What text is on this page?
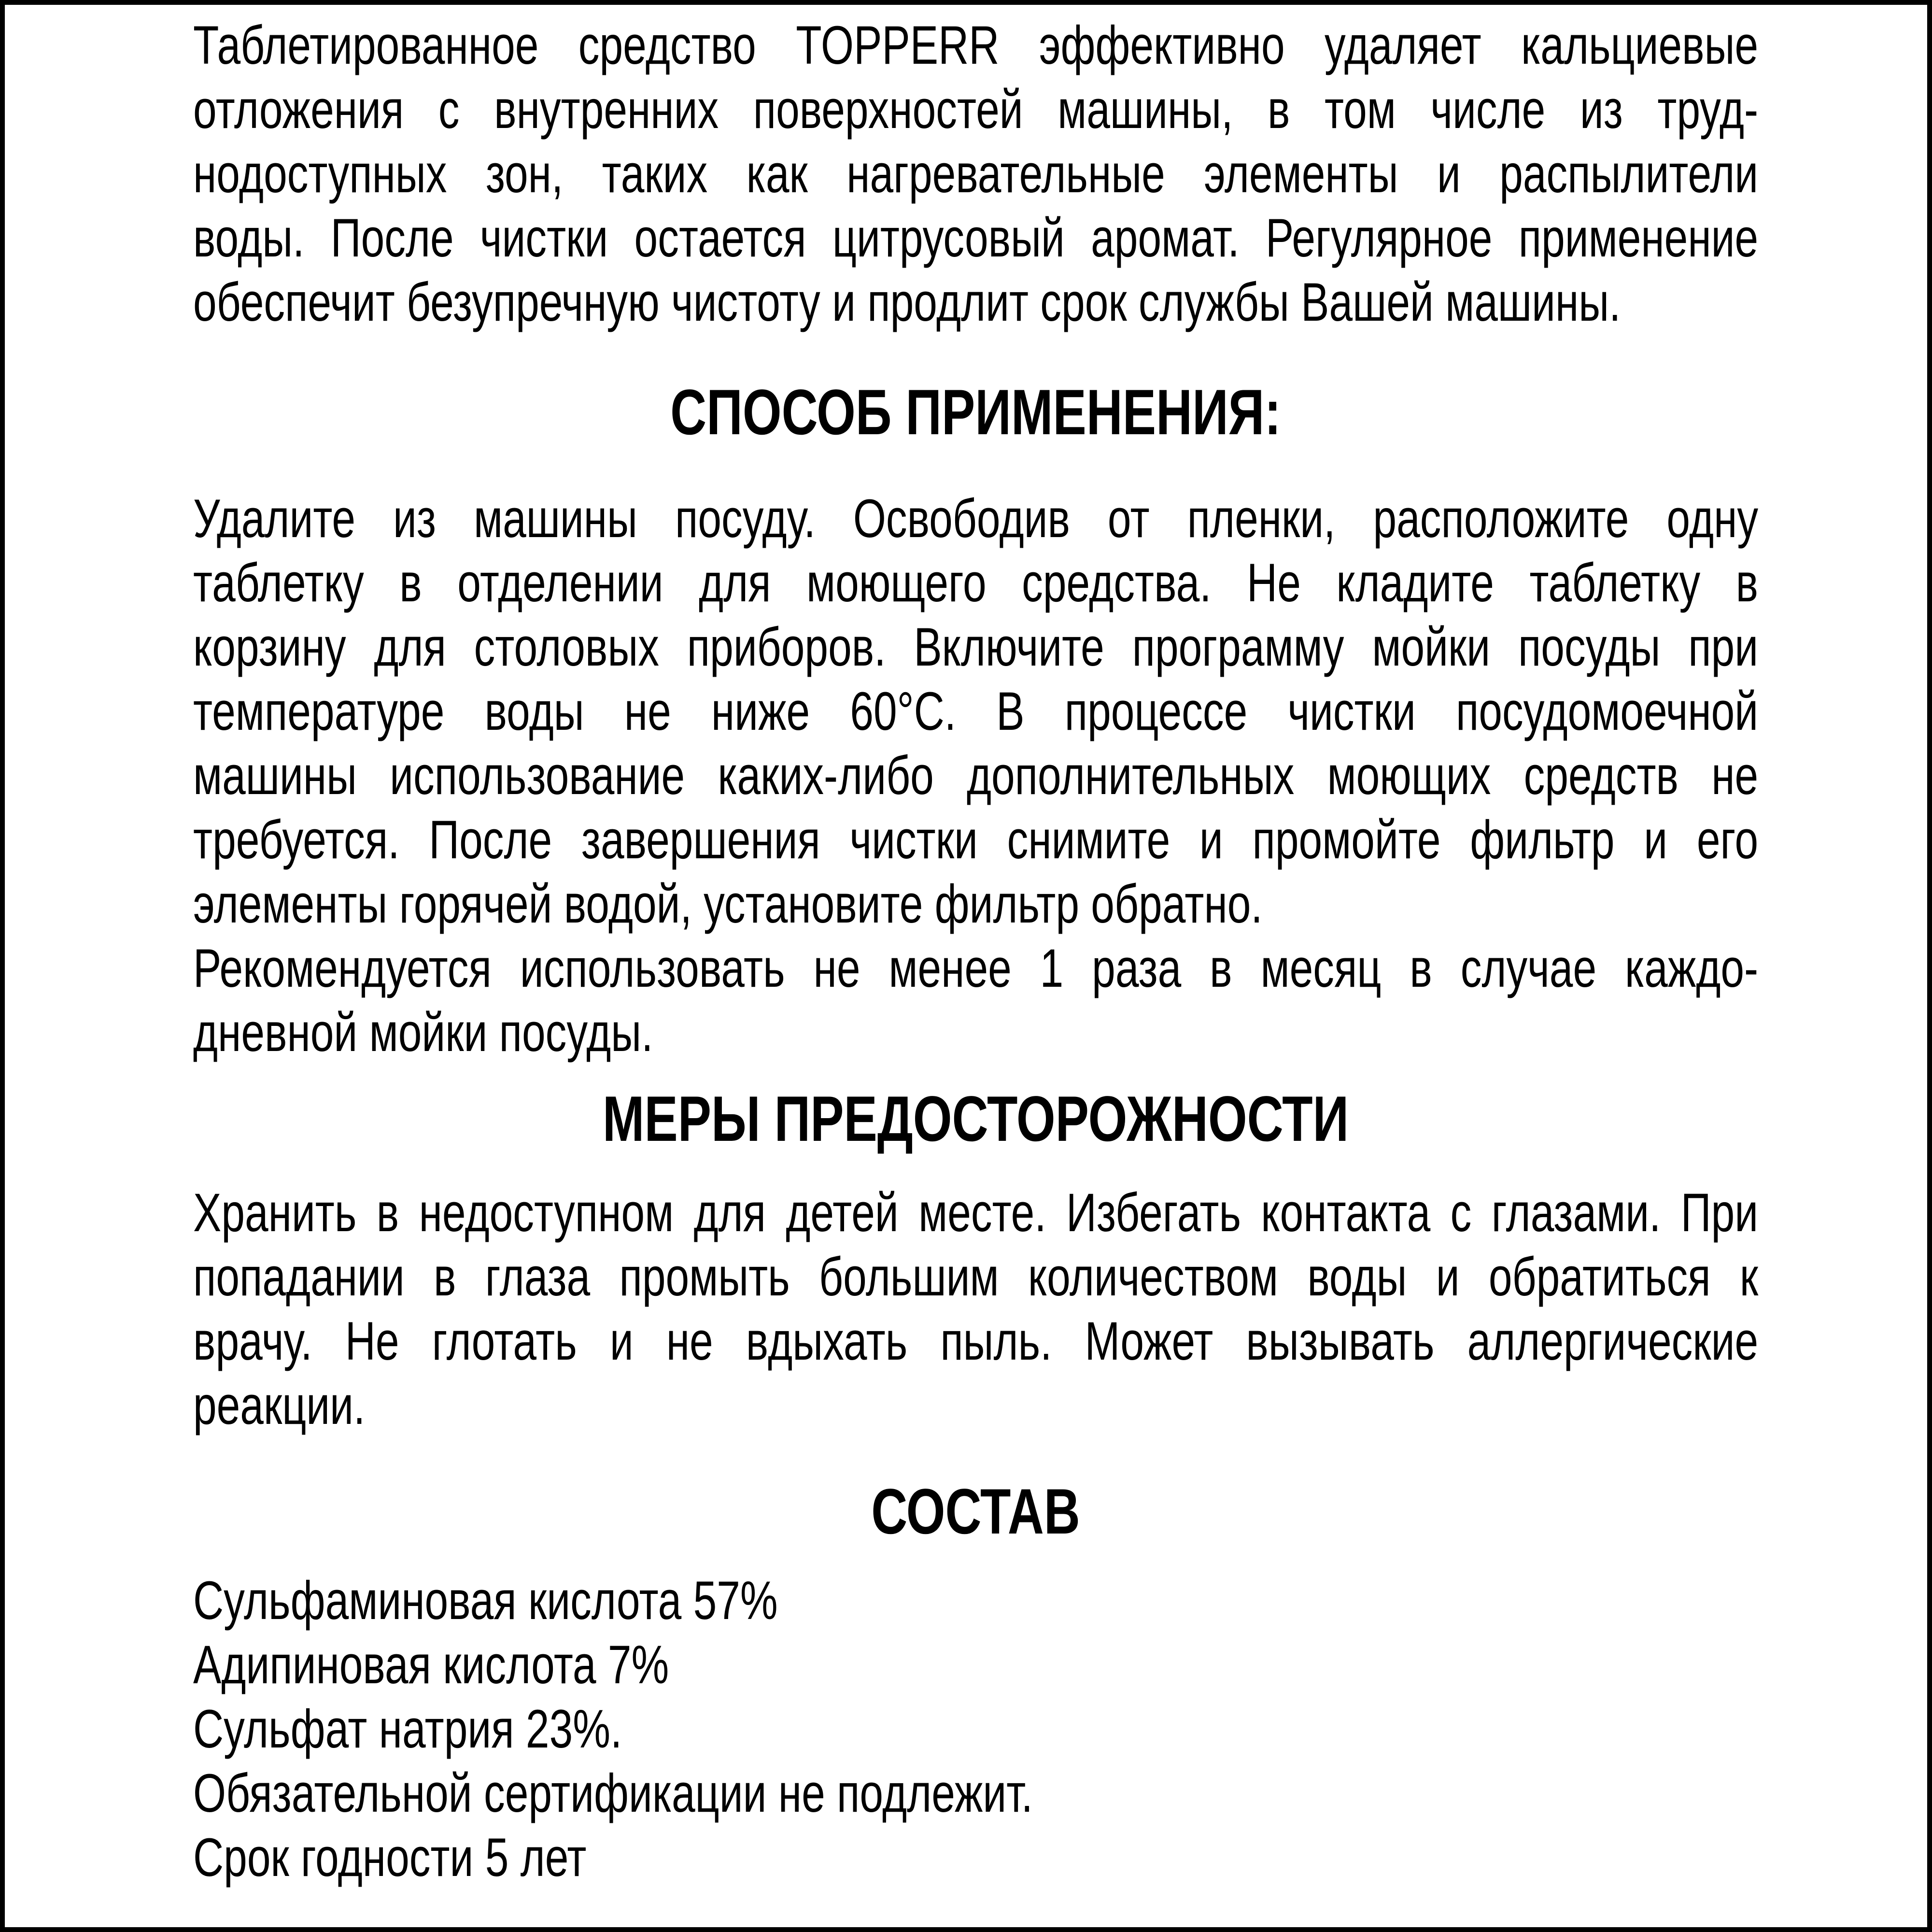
Таблетированное средство TOPPERR эффективно удаляет кальциевые
отложения с внутренних поверхностей машины, в том числе из труд-
нодоступных зон, таких как нагревательные элементы и распылители
воды. После чистки остается цитрусовый аромат. Регулярное применение
обеспечит безупречную чистоту и продлит срок службы Вашей машины.
СПОСОБ ПРИМЕНЕНИЯ:
Удалите из машины посуду. Освободив от пленки, расположите одну
таблетку в отделении для моющего средства. Не кладите таблетку в
корзину для столовых приборов. Включите программу мойки посуды при
температуре воды не ниже 60°С. В процессе чистки посудомоечной
машины использование каких-либо дополнительных моющих средств не
требуется. После завершения чистки снимите и промойте фильтр и его
элементы горячей водой, установите фильтр обратно.
Рекомендуется использовать не менее 1 раза в месяц в случае каждо-
дневной мойки посуды.
МЕРЫ ПРЕДОСТОРОЖНОСТИ
Хранить в недоступном для детей месте. Избегать контакта с глазами. При
попадании в глаза промыть большим количеством воды и обратиться к
врачу. Не глотать и не вдыхать пыль. Может вызывать аллергические
реакции.
СОСТАВ
Сульфаминовая кислота 57%
Адипиновая кислота 7%
Сульфат натрия 23%.
Обязательной сертификации не подлежит.
Срок годности 5 лет
